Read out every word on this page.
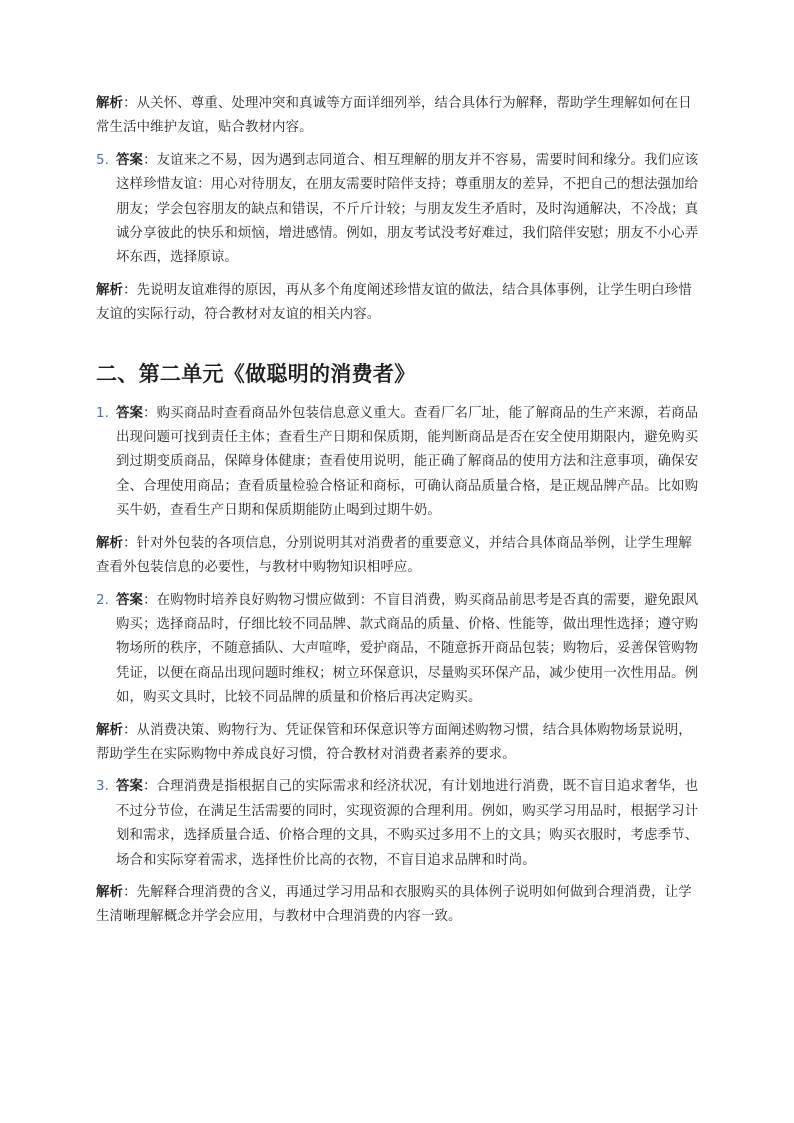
解析：从关怀、尊重、处理冲突和真诚等方面详细列举，结合具体行为解释，帮助学生理解如何在日常生活中维护友谊，贴合教材内容。

5. 答案：友谊来之不易，因为遇到志同道合、相互理解的朋友并不容易，需要时间和缘分。我们应该这样珍惜友谊：用心对待朋友，在朋友需要时陪伴支持；尊重朋友的差异，不把自己的想法强加给朋友；学会包容朋友的缺点和错误，不斤斤计较；与朋友发生矛盾时，及时沟通解决，不冷战；真诚分享彼此的快乐和烦恼，增进感情。例如，朋友考试没考好难过，我们陪伴安慰；朋友不小心弄坏东西，选择原谅。

解析：先说明友谊难得的原因，再从多个角度阐述珍惜友谊的做法，结合具体事例，让学生明白珍惜友谊的实际行动，符合教材对友谊的相关内容。

二、第二单元《做聪明的消费者》
1. 答案：购买商品时查看商品外包装信息意义重大。查看厂名厂址，能了解商品的生产来源，若商品出现问题可找到责任主体；查看生产日期和保质期，能判断商品是否在安全使用期限内，避免购买到过期变质商品，保障身体健康；查看使用说明，能正确了解商品的使用方法和注意事项，确保安全、合理使用商品；查看质量检验合格证和商标，可确认商品质量合格，是正规品牌产品。比如购买牛奶，查看生产日期和保质期能防止喝到过期牛奶。

解析：针对外包装的各项信息，分别说明其对消费者的重要意义，并结合具体商品举例，让学生理解查看外包装信息的必要性，与教材中购物知识相呼应。

2. 答案：在购物时培养良好购物习惯应做到：不盲目消费，购买商品前思考是否真的需要，避免跟风购买；选择商品时，仔细比较不同品牌、款式商品的质量、价格、性能等，做出理性选择；遵守购物场所的秩序，不随意插队、大声喧哗，爱护商品，不随意拆开商品包装；购物后，妥善保管购物凭证，以便在商品出现问题时维权；树立环保意识，尽量购买环保产品，减少使用一次性用品。例如，购买文具时，比较不同品牌的质量和价格后再决定购买。

解析：从消费决策、购物行为、凭证保管和环保意识等方面阐述购物习惯，结合具体购物场景说明，帮助学生在实际购物中养成良好习惯，符合教材对消费者素养的要求。

3. 答案：合理消费是指根据自己的实际需求和经济状况，有计划地进行消费，既不盲目追求奢华，也不过分节俭，在满足生活需要的同时，实现资源的合理利用。例如，购买学习用品时，根据学习计划和需求，选择质量合适、价格合理的文具，不购买过多用不上的文具；购买衣服时，考虑季节、场合和实际穿着需求，选择性价比高的衣物，不盲目追求品牌和时尚。

解析：先解释合理消费的含义，再通过学习用品和衣服购买的具体例子说明如何做到合理消费，让学生清晰理解概念并学会应用，与教材中合理消费的内容一致。
